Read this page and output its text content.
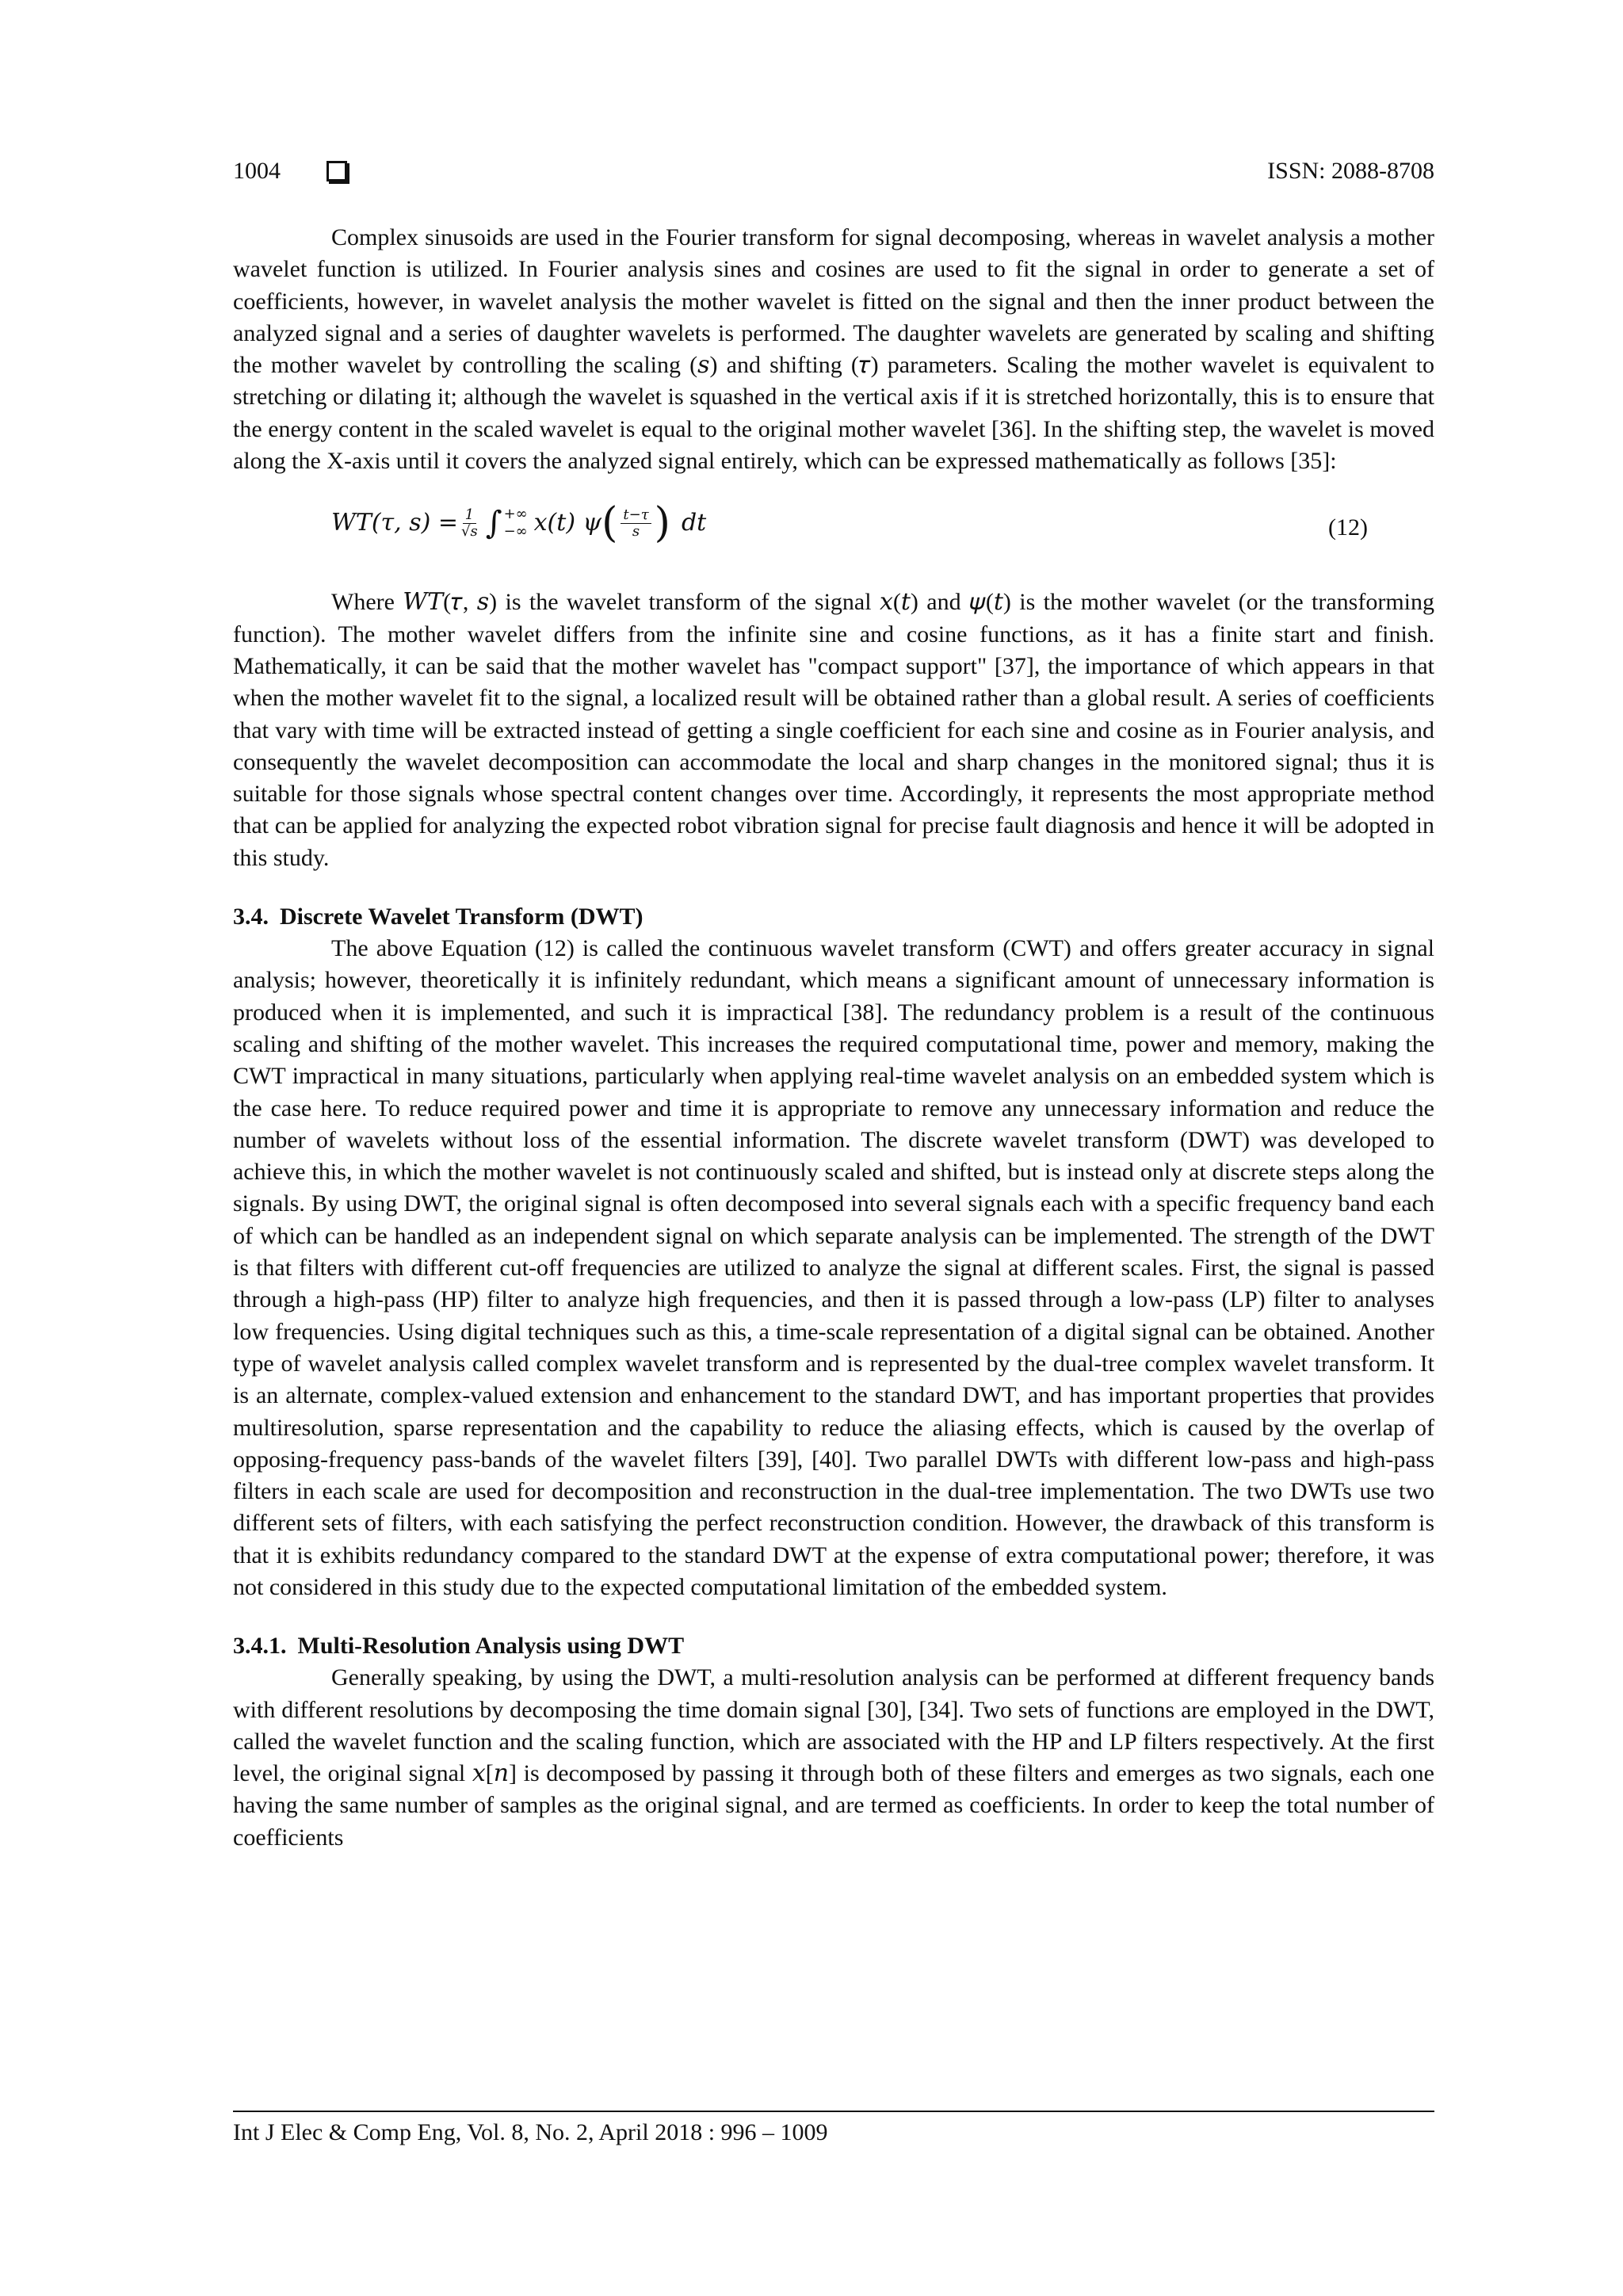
1004	ISSN: 2088-8708

Complex sinusoids are used in the Fourier transform for signal decomposing, whereas in wavelet analysis a mother wavelet function is utilized. In Fourier analysis sines and cosines are used to fit the signal in order to generate a set of coefficients, however, in wavelet analysis the mother wavelet is fitted on the signal and then the inner product between the analyzed signal and a series of daughter wavelets is performed. The daughter wavelets are generated by scaling and shifting the mother wavelet by controlling the scaling (𝑠) and shifting (𝜏) parameters. Scaling the mother wavelet is equivalent to stretching or dilating it; although the wavelet is squashed in the vertical axis if it is stretched horizontally, this is to ensure that the energy content in the scaled wavelet is equal to the original mother wavelet [36]. In the shifting step, the wavelet is moved along the X-axis until it covers the analyzed signal entirely, which can be expressed mathematically as follows [35]:

WT(τ, $s) = \frac{1}{√s}$ ∫ +∞
−∞ x(t) ψ ( $\frac{t-\tau}{s}$ ) dt	(12)

Where 𝑊𝑇(𝜏, 𝑠) is the wavelet transform of the signal 𝑥(𝑡) and 𝜓(𝑡) is the mother wavelet (or the transforming function). The mother wavelet differs from the infinite sine and cosine functions, as it has a finite start and finish. Mathematically, it can be said that the mother wavelet has "compact support" [37], the importance of which appears in that when the mother wavelet fit to the signal, a localized result will be obtained rather than a global result. A series of coefficients that vary with time will be extracted instead of getting a single coefficient for each sine and cosine as in Fourier analysis, and consequently the wavelet decomposition can accommodate the local and sharp changes in the monitored signal; thus it is suitable for those signals whose spectral content changes over time. Accordingly, it represents the most appropriate method that can be applied for analyzing the expected robot vibration signal for precise fault diagnosis and hence it will be adopted in this study.

3.4. Discrete Wavelet Transform (DWT)

The above Equation (12) is called the continuous wavelet transform (CWT) and offers greater accuracy in signal analysis; however, theoretically it is infinitely redundant, which means a significant amount of unnecessary information is produced when it is implemented, and such it is impractical [38]. The redundancy problem is a result of the continuous scaling and shifting of the mother wavelet. This increases the required computational time, power and memory, making the CWT impractical in many situations, particularly when applying real-time wavelet analysis on an embedded system which is the case here. To reduce required power and time it is appropriate to remove any unnecessary information and reduce the number of wavelets without loss of the essential information. The discrete wavelet transform (DWT) was developed to achieve this, in which the mother wavelet is not continuously scaled and shifted, but is instead only at discrete steps along the signals. By using DWT, the original signal is often decomposed into several signals each with a specific frequency band each of which can be handled as an independent signal on which separate analysis can be implemented. The strength of the DWT is that filters with different cut-off frequencies are utilized to analyze the signal at different scales. First, the signal is passed through a high-pass (HP) filter to analyze high frequencies, and then it is passed through a low-pass (LP) filter to analyses low frequencies. Using digital techniques such as this, a time-scale representation of a digital signal can be obtained. Another type of wavelet analysis called complex wavelet transform and is represented by the dual-tree complex wavelet transform. It is an alternate, complex-valued extension and enhancement to the standard DWT, and has important properties that provides multiresolution, sparse representation and the capability to reduce the aliasing effects, which is caused by the overlap of opposing-frequency pass-bands of the wavelet filters [39], [40]. Two parallel DWTs with different low-pass and high-pass filters in each scale are used for decomposition and reconstruction in the dual-tree implementation. The two DWTs use two different sets of filters, with each satisfying the perfect reconstruction condition. However, the drawback of this transform is that it is exhibits redundancy compared to the standard DWT at the expense of extra computational power; therefore, it was not considered in this study due to the expected computational limitation of the embedded system.

3.4.1. Multi-Resolution Analysis using DWT

Generally speaking, by using the DWT, a multi-resolution analysis can be performed at different frequency bands with different resolutions by decomposing the time domain signal [30], [34]. Two sets of functions are employed in the DWT, called the wavelet function and the scaling function, which are associated with the HP and LP filters respectively. At the first level, the original signal 𝑥[𝑛] is decomposed by passing it through both of these filters and emerges as two signals, each one having the same number of samples as the original signal, and are termed as coefficients. In order to keep the total number of coefficients

Int J Elec & Comp Eng, Vol. 8, No. 2, April 2018 : 996 – 1009
